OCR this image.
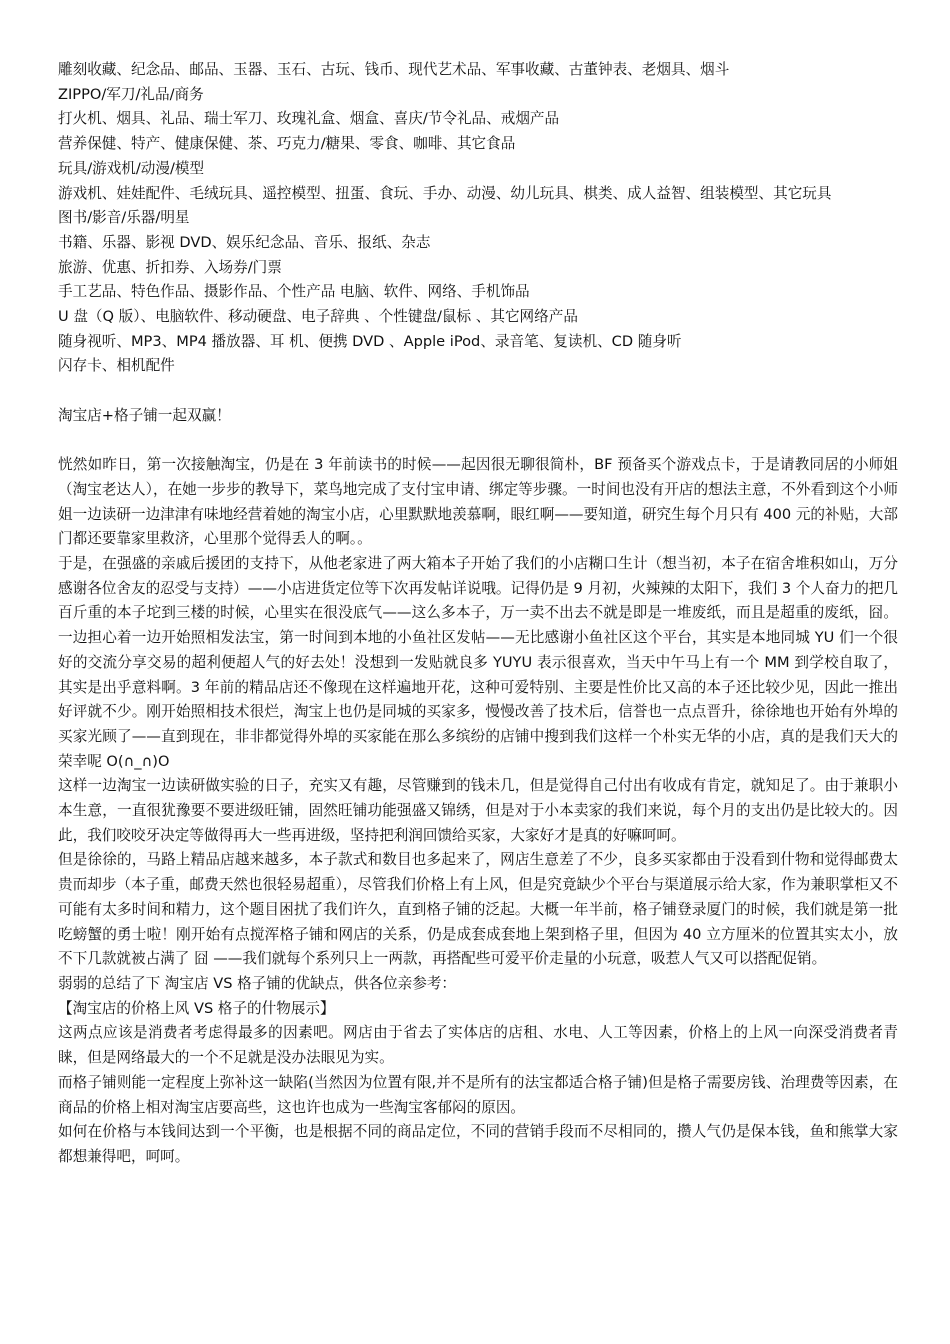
雕刻收藏、纪念品、邮品、玉器、玉石、古玩、钱币、现代艺术品、军事收藏、古董钟表、老烟具、烟斗
ZIPPO/军刀/礼品/商务
打火机、烟具、礼品、瑞士军刀、玫瑰礼盒、烟盒、喜庆/节令礼品、戒烟产品
营养保健、特产、健康保健、茶、巧克力/糖果、零食、咖啡、其它食品
玩具/游戏机/动漫/模型
游戏机、娃娃配件、毛绒玩具、遥控模型、扭蛋、食玩、手办、动漫、幼儿玩具、棋类、成人益智、组装模型、其它玩具
图书/影音/乐器/明星
书籍、乐器、影视 DVD、娱乐纪念品、音乐、报纸、杂志
旅游、优惠、折扣券、入场券/门票
手工艺品、特色作品、摄影作品、个性产品 电脑、软件、网络、手机饰品
U 盘（Q 版）、电脑软件、移动硬盘、电子辞典 、个性键盘/鼠标 、其它网络产品
随身视听、MP3、MP4 播放器、耳 机、便携 DVD 、Apple iPod、录音笔、复读机、CD 随身听
闪存卡、相机配件
淘宝店+格子铺一起双赢！
恍然如昨日，第一次接触淘宝，仍是在 3 年前读书的时候——起因很无聊很简朴，BF 预备买个游戏点卡，于是请教同居的小师姐（淘宝老达人），在她一步步的教导下，菜鸟地完成了支付宝申请、绑定等步骤。一时间也没有开店的想法主意，不外看到这个小师姐一边读研一边津津有味地经营着她的淘宝小店，心里默默地羡慕啊，眼红啊——要知道，研究生每个月只有 400 元的补贴，大部门都还要靠家里救济，心里那个觉得丢人的啊。。
于是，在强盛的亲戚后援团的支持下，从他老家进了两大箱本子开始了我们的小店糊口生计（想当初，本子在宿舍堆积如山，万分感谢各位舍友的忍受与支持）——小店进货定位等下次再发帖详说哦。记得仍是 9 月初，火辣辣的太阳下，我们 3 个人奋力的把几百斤重的本子坨到三楼的时候，心里实在很没底气——这么多本子，万一卖不出去不就是即是一堆废纸，而且是超重的废纸，囧。一边担心着一边开始照相发法宝，第一时间到本地的小鱼社区发帖——无比感谢小鱼社区这个平台，其实是本地同城 YU 们一个很好的交流分享交易的超利便超人气的好去处！没想到一发贴就良多 YUYU 表示很喜欢，当天中午马上有一个 MM 到学校自取了，其实是出乎意料啊。3 年前的精品店还不像现在这样遍地开花，这种可爱特别、主要是性价比又高的本子还比较少见，因此一推出好评就不少。刚开始照相技术很烂，淘宝上也仍是同城的买家多，慢慢改善了技术后，信誉也一点点晋升，徐徐地也开始有外埠的买家光顾了——直到现在，非非都觉得外埠的买家能在那么多缤纷的店铺中搜到我们这样一个朴实无华的小店，真的是我们天大的荣幸呢 O(∩_∩)O
这样一边淘宝一边读研做实验的日子，充实又有趣，尽管赚到的钱未几，但是觉得自己付出有收成有肯定，就知足了。由于兼职小本生意，一直很犹豫要不要进级旺铺，固然旺铺功能强盛又锦绣，但是对于小本卖家的我们来说，每个月的支出仍是比较大的。因此，我们咬咬牙决定等做得再大一些再进级，坚持把利润回馈给买家，大家好才是真的好嘛呵呵。
但是徐徐的，马路上精品店越来越多，本子款式和数目也多起来了，网店生意差了不少，良多买家都由于没看到什物和觉得邮费太贵而却步（本子重，邮费天然也很轻易超重），尽管我们价格上有上风，但是究竟缺少个平台与渠道展示给大家，作为兼职掌柜又不可能有太多时间和精力，这个题目困扰了我们许久，直到格子铺的泛起。大概一年半前，格子铺登录厦门的时候，我们就是第一批吃螃蟹的勇士啦！刚开始有点搅浑格子铺和网店的关系，仍是成套成套地上架到格子里，但因为 40 立方厘米的位置其实太小，放不下几款就被占满了 囧 ——我们就每个系列只上一两款，再搭配些可爱平价走量的小玩意，吸惹人气又可以搭配促销。
弱弱的总结了下 淘宝店 VS 格子铺的优缺点，供各位亲参考：
【淘宝店的价格上风 VS 格子的什物展示】
这两点应该是消费者考虑得最多的因素吧。网店由于省去了实体店的店租、水电、人工等因素，价格上的上风一向深受消费者青睐，但是网络最大的一个不足就是没办法眼见为实。
而格子铺则能一定程度上弥补这一缺陷(当然因为位置有限,并不是所有的法宝都适合格子铺)但是格子需要房钱、治理费等因素，在商品的价格上相对淘宝店要高些，这也许也成为一些淘宝客郁闷的原因。
如何在价格与本钱间达到一个平衡，也是根据不同的商品定位，不同的营销手段而不尽相同的，攒人气仍是保本钱，鱼和熊掌大家都想兼得吧，呵呵。
